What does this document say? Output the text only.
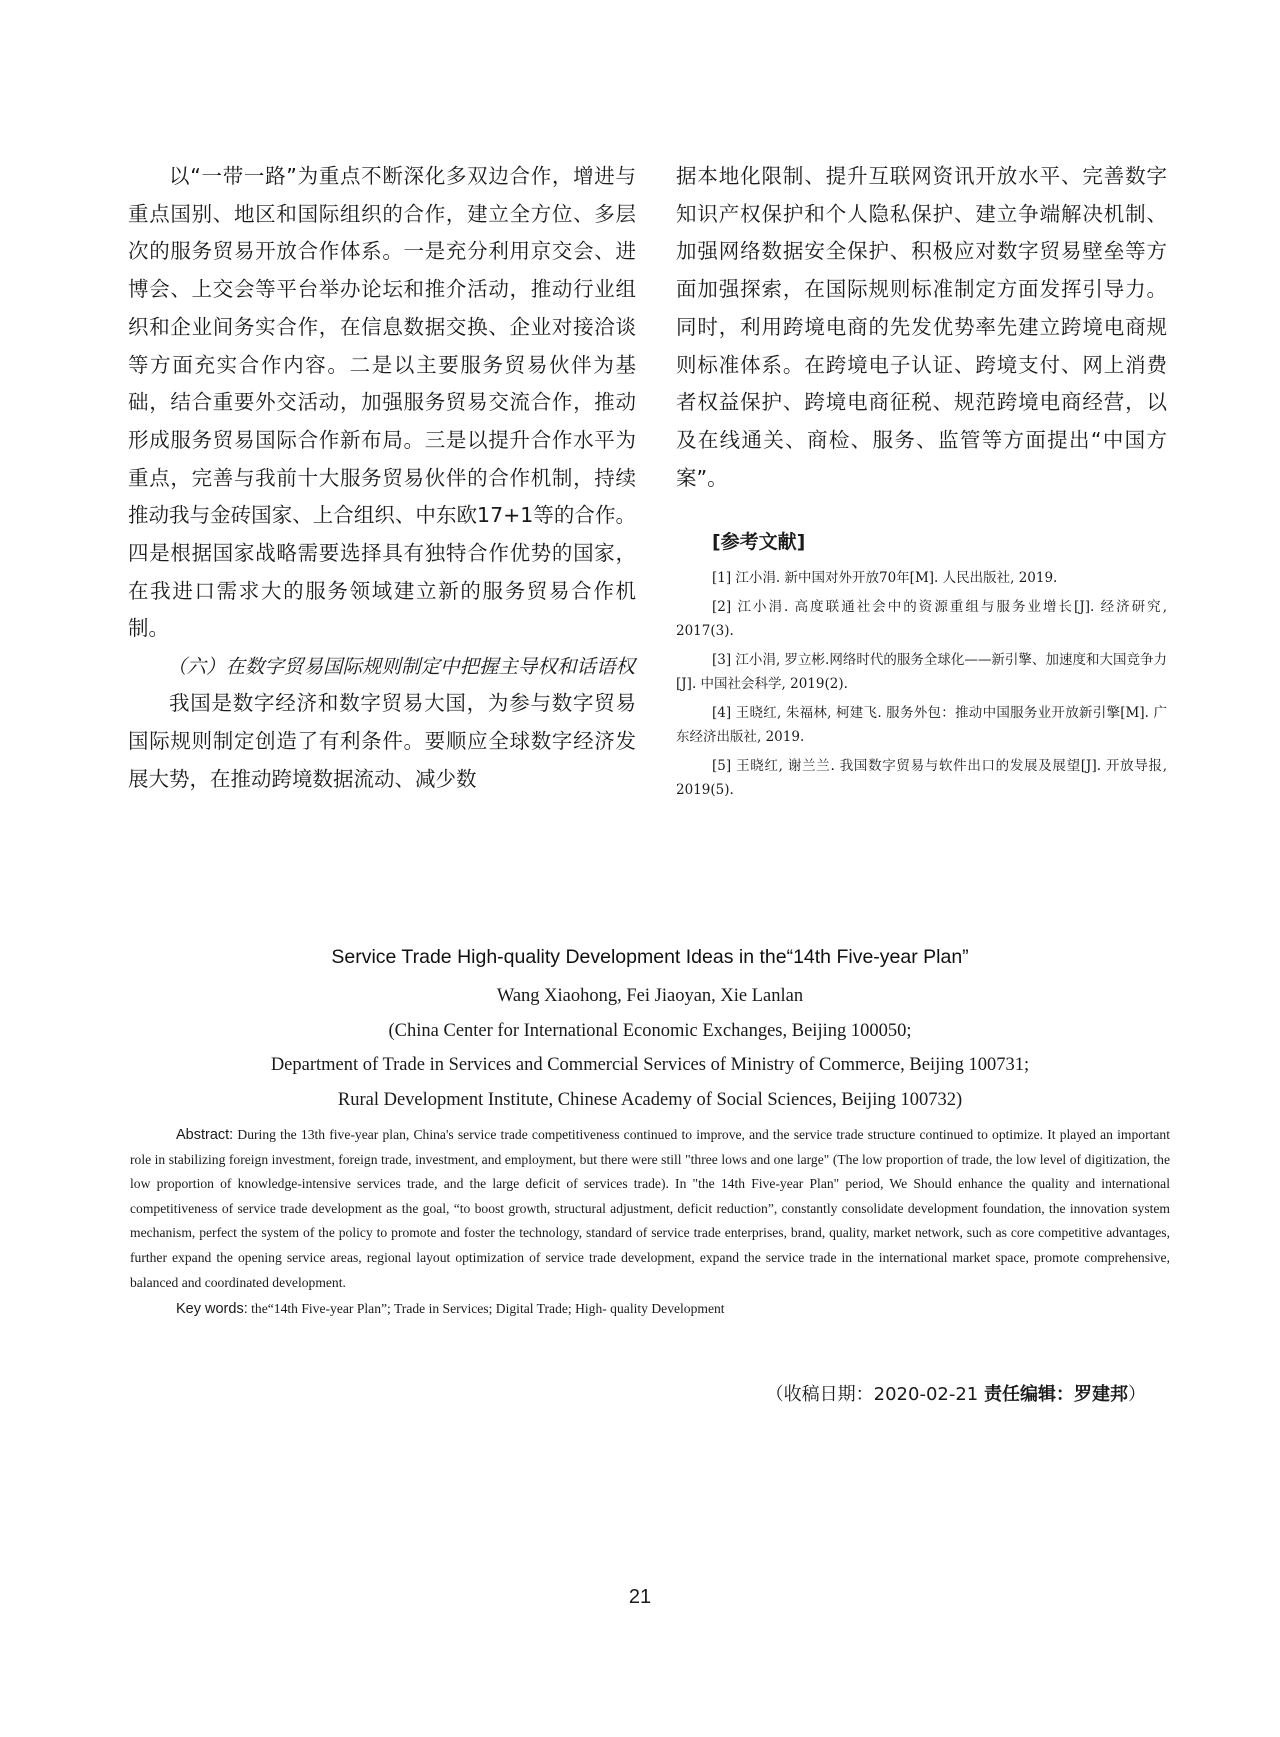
以“一带一路”为重点不断深化多双边合作，增进与重点国别、地区和国际组织的合作，建立全方位、多层次的服务贸易开放合作体系。一是充分利用京交会、进博会、上交会等平台举办论坛和推介活动，推动行业组织和企业间务实合作，在信息数据交换、企业对接洽谈等方面充实合作内容。二是以主要服务贸易伙伴为基础，结合重要外交活动，加强服务贸易交流合作，推动形成服务贸易国际合作新布局。三是以提升合作水平为重点，完善与我前十大服务贸易伙伴的合作机制，持续推动我与金砖国家、上合组织、中东欧17+1等的合作。四是根据国家战略需要选择具有独特合作优势的国家，在我进口需求大的服务领域建立新的服务贸易合作机制。

（六）在数字贸易国际规则制定中把握主导权和话语权

我国是数字经济和数字贸易大国，为参与数字贸易国际规则制定创造了有利条件。要顺应全球数字经济发展大势，在推动跨境数据流动、减少数

据本地化限制、提升互联网资讯开放水平、完善数字知识产权保护和个人隐私保护、建立争端解决机制、加强网络数据安全保护、积极应对数字贸易壁垒等方面加强探索，在国际规则标准制定方面发挥引导力。同时，利用跨境电商的先发优势率先建立跨境电商规则标准体系。在跨境电子认证、跨境支付、网上消费者权益保护、跨境电商征税、规范跨境电商经营，以及在线通关、商检、服务、监管等方面提出“中国方案”。

[参考文献]

[1] 江小涓. 新中国对外开放70年[M]. 人民出版社, 2019.

[2] 江小涓. 高度联通社会中的资源重组与服务业增长[J]. 经济研究, 2017(3).

[3] 江小涓, 罗立彬.网络时代的服务全球化——新引擎、加速度和大国竞争力[J]. 中国社会科学, 2019(2).

[4] 王晓红, 朱福林, 柯建飞. 服务外包：推动中国服务业开放新引擎[M]. 广东经济出版社, 2019.

[5] 王晓红, 谢兰兰. 我国数字贸易与软件出口的发展及展望[J]. 开放导报, 2019(5).

Service Trade High-quality Development Ideas in the“14th Five-year Plan”

Wang Xiaohong, Fei Jiaoyan, Xie Lanlan

(China Center for International Economic Exchanges, Beijing 100050;

Department of Trade in Services and Commercial Services of Ministry of Commerce, Beijing 100731;

Rural Development Institute, Chinese Academy of Social Sciences, Beijing 100732)

Abstract: During the 13th five-year plan, China's service trade competitiveness continued to improve, and the service trade structure continued to optimize. It played an important role in stabilizing foreign investment, foreign trade, investment, and employment, but there were still "three lows and one large" (The low proportion of trade, the low level of digitization, the low proportion of knowledge-intensive services trade, and the large deficit of services trade). In "the 14th Five-year Plan" period, We Should enhance the quality and international competitiveness of service trade development as the goal, “to boost growth, structural adjustment, deficit reduction”, constantly consolidate development foundation, the innovation system mechanism, perfect the system of the policy to promote and foster the technology, standard of service trade enterprises, brand, quality, market network, such as core competitive advantages, further expand the opening service areas, regional layout optimization of service trade development, expand the service trade in the international market space, promote comprehensive, balanced and coordinated development.

Key words: the“14th Five-year Plan”; Trade in Services; Digital Trade; High- quality Development

（收稿日期：2020-02-21 责任编辑：罗建邦）
21
